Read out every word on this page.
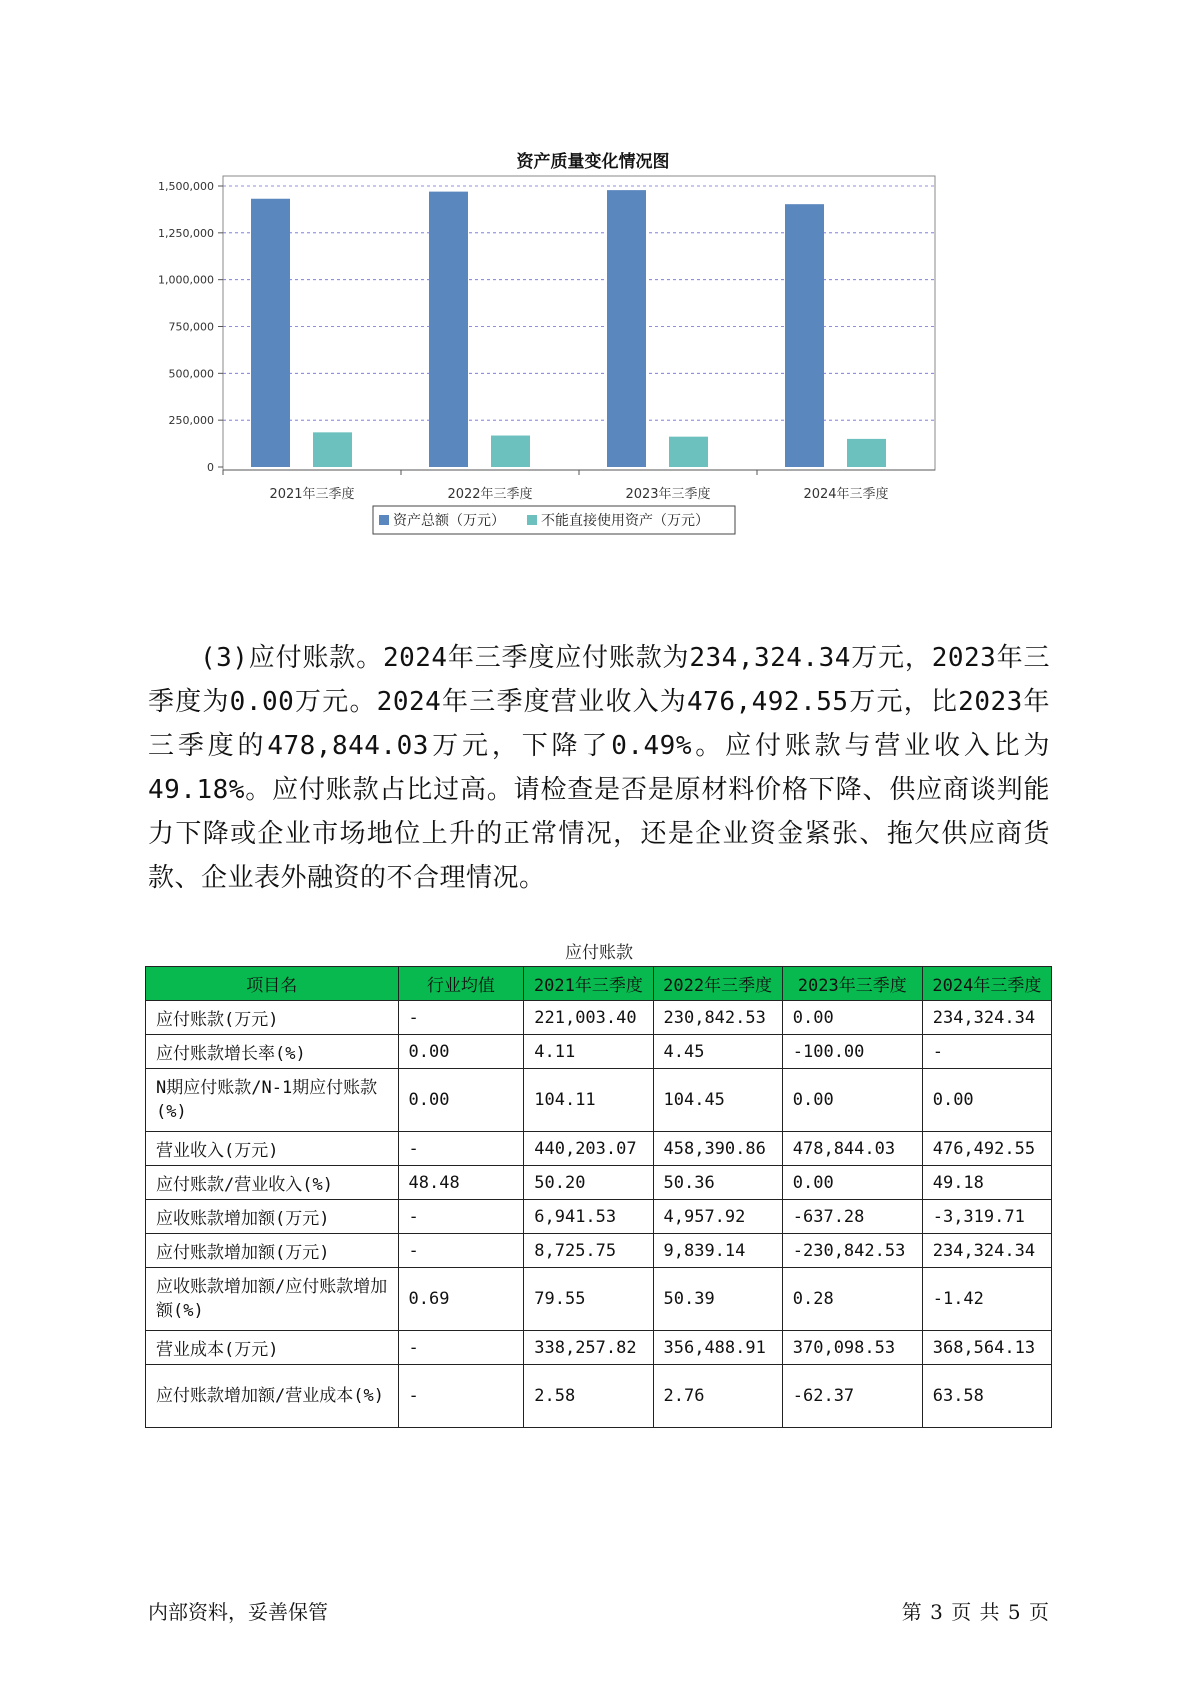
资产质量变化情况图
0
250,000
500,000
750,000
1,000,000
1,250,000
1,500,000
2021年三季度	2022年三季度	2023年三季度	2024年三季度
资产总额（万元）	不能直接使用资产（万元）
(3)应付账款。2024年三季度应付账款为234,324.34万元，2023年三季度为0.00万元。2024年三季度营业收入为476,492.55万元，比2023年三季度的478,844.03万元，下降了0.49%。应付账款与营业收入比为49.18%。应付账款占比过高。请检查是否是原材料价格下降、供应商谈判能力下降或企业市场地位上升的正常情况，还是企业资金紧张、拖欠供应商货款、企业表外融资的不合理情况。
应付账款
项目名	行业均值	2021年三季度	2022年三季度	2023年三季度	2024年三季度
应付账款(万元)	-	221,003.40	230,842.53	0.00	234,324.34
应付账款增长率(%)	0.00	4.11	4.45	-100.00	-
N期应付账款/N-1期应付账款(%)	0.00	104.11	104.45	0.00	0.00
营业收入(万元)	-	440,203.07	458,390.86	478,844.03	476,492.55
应付账款/营业收入(%)	48.48	50.20	50.36	0.00	49.18
应收账款增加额(万元)	-	6,941.53	4,957.92	-637.28	-3,319.71
应付账款增加额(万元)	-	8,725.75	9,839.14	-230,842.53	234,324.34
应收账款增加额/应付账款增加额(%)	0.69	79.55	50.39	0.28	-1.42
营业成本(万元)	-	338,257.82	356,488.91	370,098.53	368,564.13
应付账款增加额/营业成本(%)	-	2.58	2.76	-62.37	63.58
内部资料，妥善保管	第 3 页 共 5 页
